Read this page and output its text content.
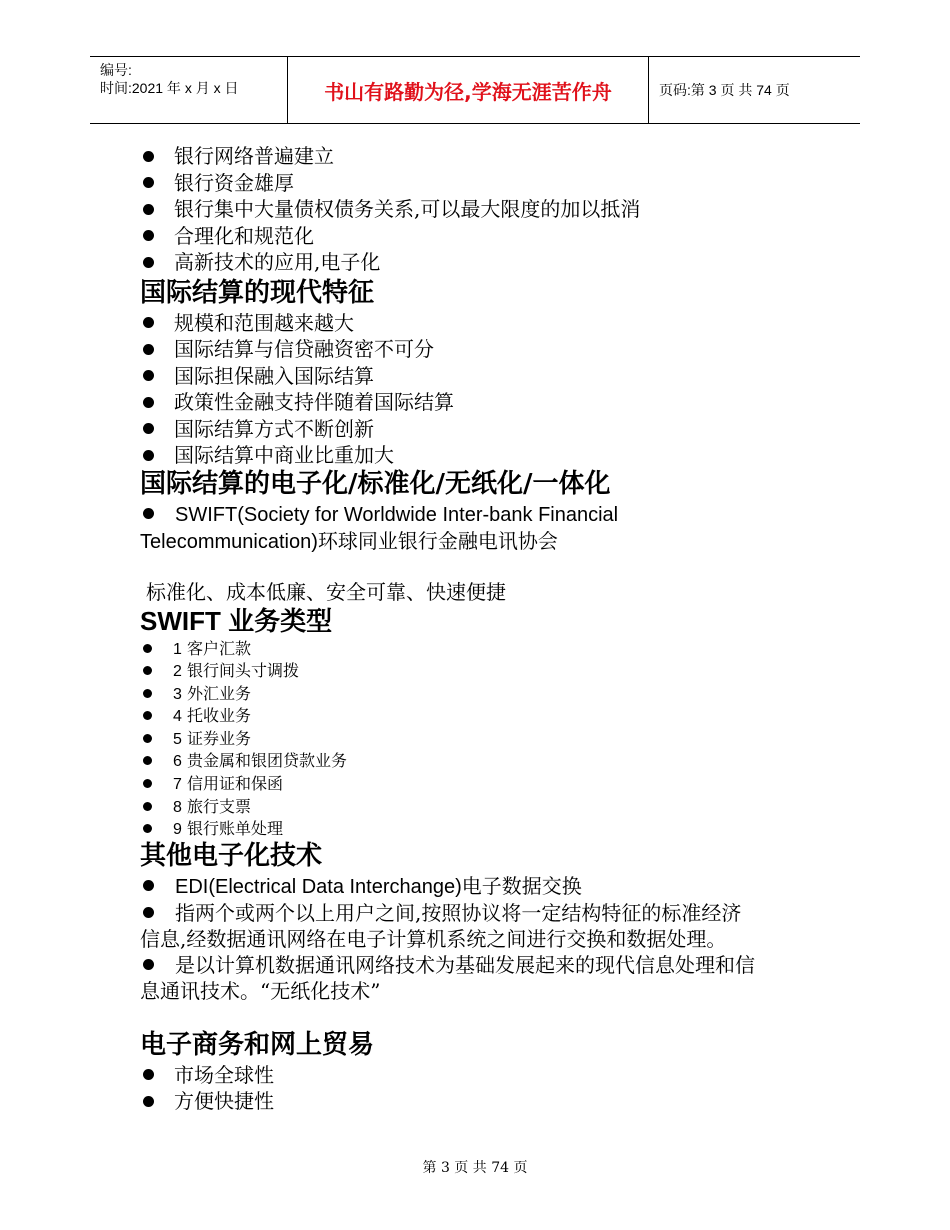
编号:
时间:2021 年 x 月 x 日	书山有路勤为径,学海无涯苦作舟	页码:第 3 页 共 74 页
银行网络普遍建立
银行资金雄厚
银行集中大量债权债务关系,可以最大限度的加以抵消
合理化和规范化
高新技术的应用,电子化
国际结算的现代特征
规模和范围越来越大
国际结算与信贷融资密不可分
国际担保融入国际结算
政策性金融支持伴随着国际结算
国际结算方式不断创新
国际结算中商业比重加大
国际结算的电子化/标准化/无纸化/一体化
SWIFT(Society for Worldwide Inter-bank Financial
Telecommunication)环球同业银行金融电讯协会
标准化、成本低廉、安全可靠、快速便捷
SWIFT 业务类型
1 客户汇款
2 银行间头寸调拨
3 外汇业务
4 托收业务
5 证券业务
6 贵金属和银团贷款业务
7 信用证和保函
8 旅行支票
9 银行账单处理
其他电子化技术
EDI(Electrical Data Interchange)电子数据交换
指两个或两个以上用户之间,按照协议将一定结构特征的标准经济
信息,经数据通讯网络在电子计算机系统之间进行交换和数据处理。
是以计算机数据通讯网络技术为基础发展起来的现代信息处理和信
息通讯技术。“无纸化技术”
电子商务和网上贸易
市场全球性
方便快捷性
第 3 页 共 74 页
